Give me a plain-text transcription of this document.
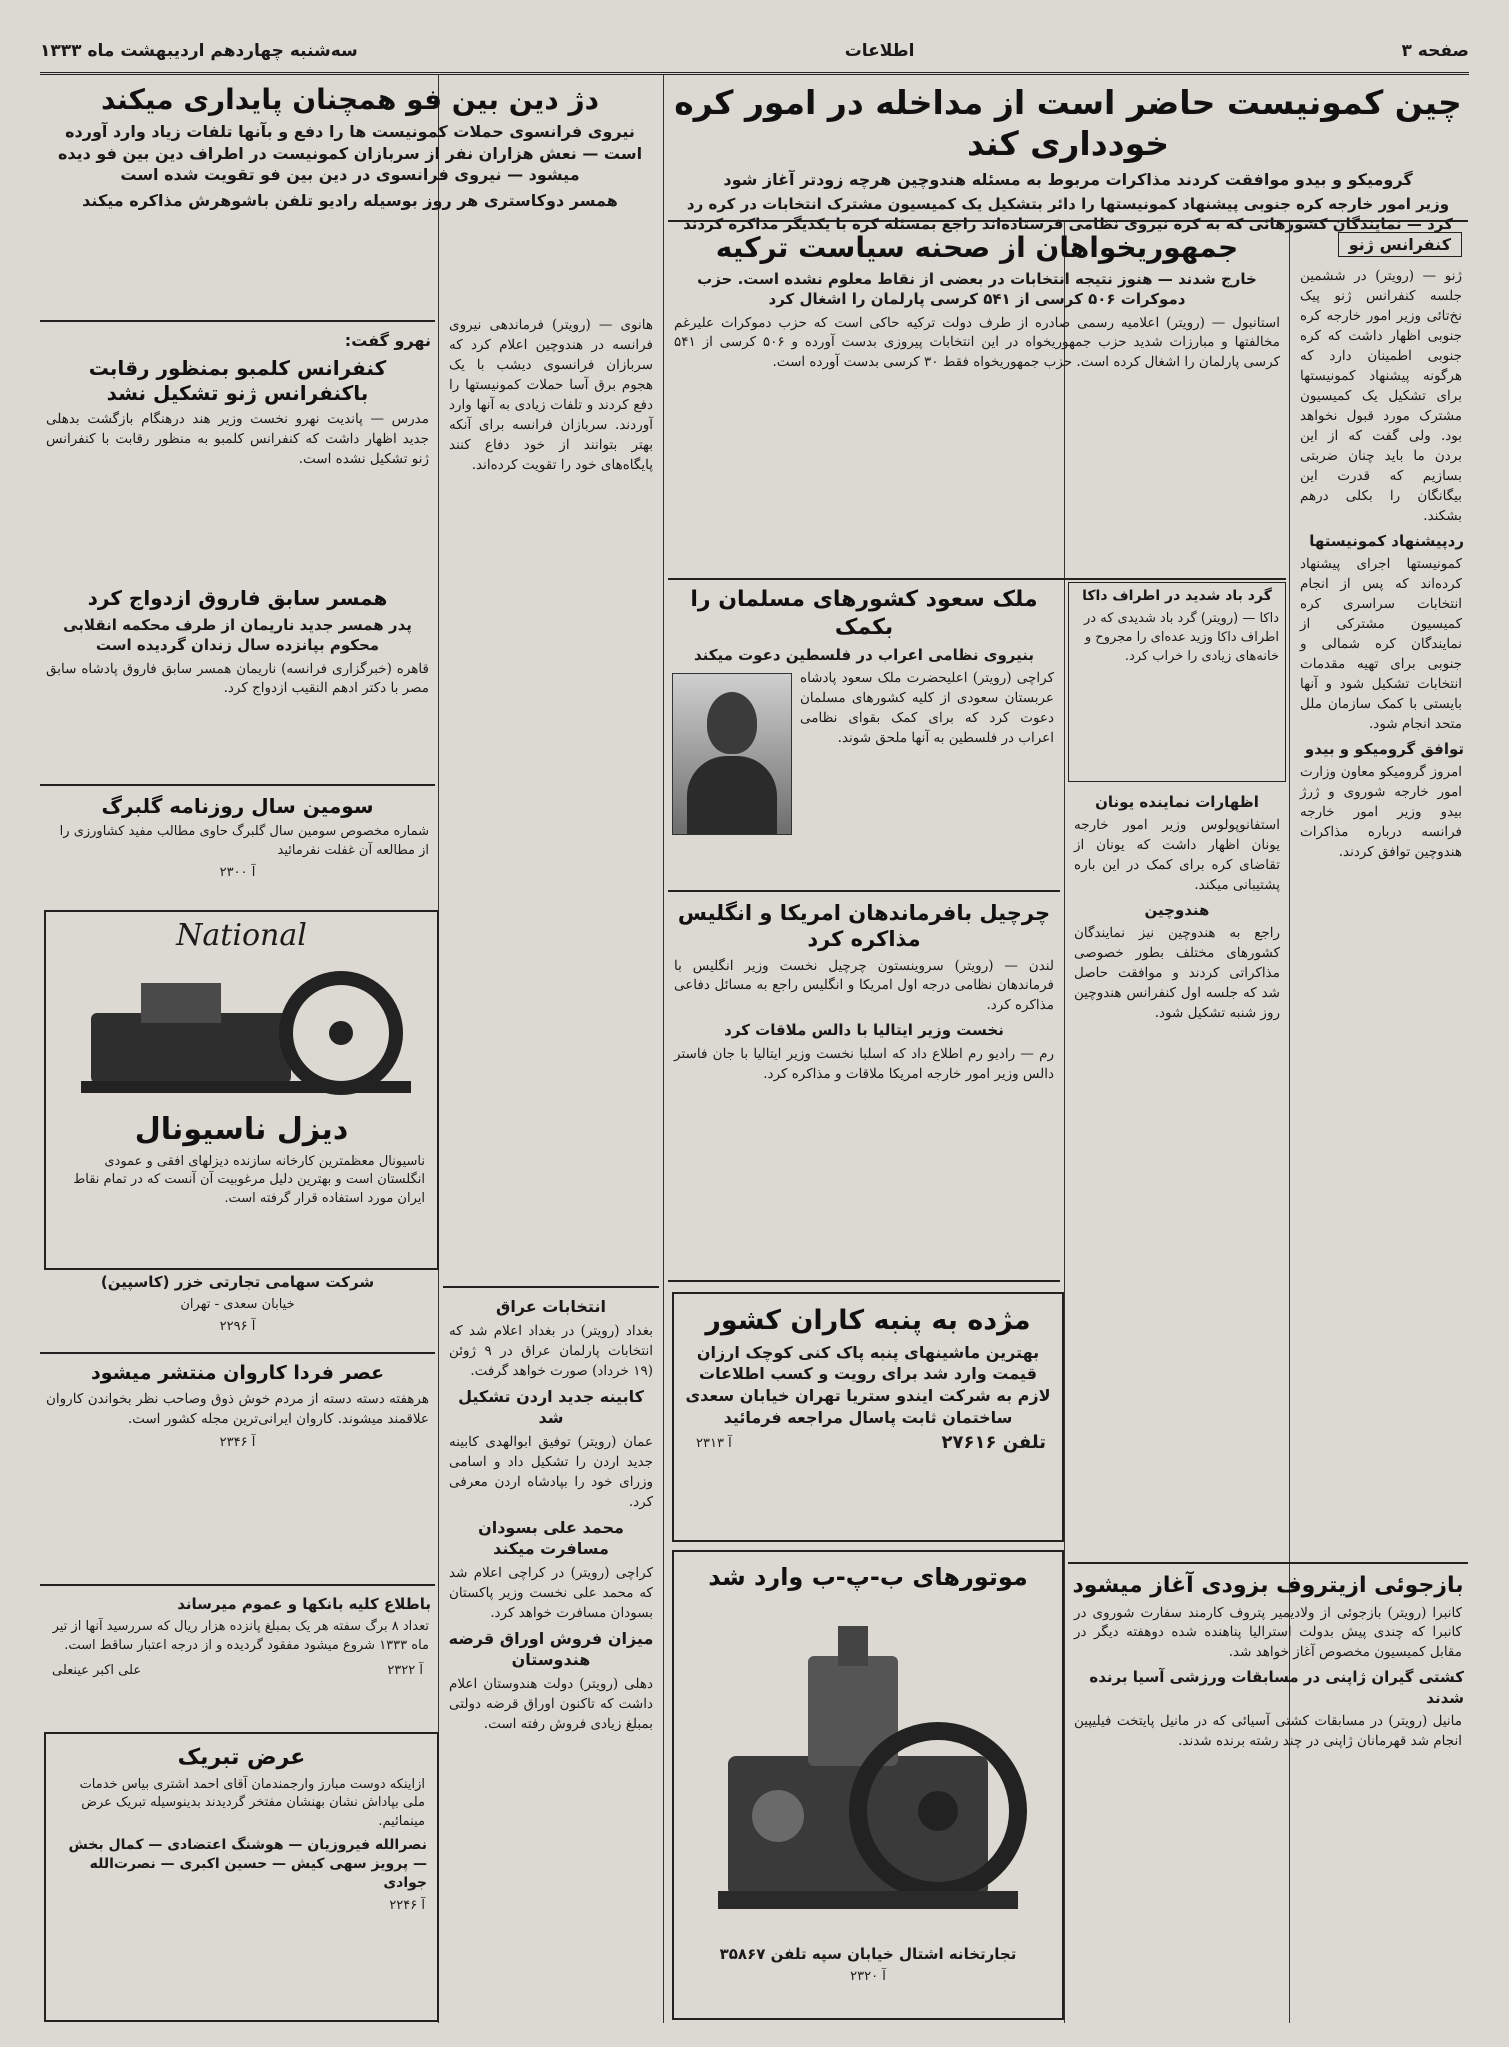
صفحه ۳
اطلاعات
سه‌شنبه چهاردهم اردیبهشت ماه ۱۳۳۳
چین کمونیست حاضر است از مداخله در امور کره خودداری کند
گرومیکو و بیدو موافقت کردند مذاکرات مربوط به مسئله هندوچین هرچه زودتر آغاز شود
وزیر امور خارجه کره جنوبی پیشنهاد کمونیستها را دائر بتشکیل یک کمیسیون مشترک انتخابات در کره رد کرد — نمایندگان کشورهائی که به کره نیروی نظامی فرستاده‌اند راجع بمسئله کره با یکدیگر مذاکره کردند
کنفرانس ژنو
ژنو — (رویتر) در ششمین جلسه کنفرانس ژنو پیک نخ‌تائی وزیر امور خارجه کره جنوبی اظهار داشت که کره جنوبی اطمینان دارد که هرگونه پیشنهاد کمونیستها برای تشکیل یک کمیسیون مشترک مورد قبول نخواهد بود. ولی گفت که از این بردن ما باید چنان ضربتی بسازیم که قدرت این بیگانگان را بکلی درهم بشکند.
ردپیشنهاد کمونیستها
کمونیستها اجرای پیشنهاد کرده‌اند که پس از انجام انتخابات سراسری کره کمیسیون مشترکی از نمایندگان کره شمالی و جنوبی برای تهیه مقدمات انتخابات تشکیل شود و آنها بایستی با کمک سازمان ملل متحد انجام شود.
توافق گرومیکو و بیدو
امروز گرومیکو معاون وزارت امور خارجه شوروی و ژرژ بیدو وزیر امور خارجه فرانسه درباره مذاکرات هندوچین توافق کردند.
جمهوریخواهان از صحنه سیاست ترکیه
خارج شدند — هنوز نتیجه انتخابات در بعضی از نقاط معلوم نشده است. حزب دموکرات ۵۰۶ کرسی از ۵۴۱ کرسی پارلمان را اشغال کرد
استانبول — (رویتر) اعلامیه رسمی صادره از طرف دولت ترکیه حاکی است که حزب دموکرات علیرغم مخالفتها و مبارزات شدید حزب جمهوریخواه در این انتخابات پیروزی بدست آورده و ۵۰۶ کرسی از ۵۴۱ کرسی پارلمان را اشغال کرده است. حزب جمهوریخواه فقط ۳۰ کرسی بدست آورده است.
گرد باد شدید در اطراف داکا
داکا — (رویتر) گرد باد شدیدی که در اطراف داکا وزید عده‌ای را مجروح و خانه‌های زیادی را خراب کرد.
اظهارات نماینده یونان
استفانوپولوس وزیر امور خارجه یونان اظهار داشت که یونان از تقاضای کره برای کمک در این باره پشتیبانی میکند.
هندوچین
راجع به هندوچین نیز نمایندگان کشورهای مختلف بطور خصوصی مذاکراتی کردند و موافقت حاصل شد که جلسه اول کنفرانس هندوچین روز شنبه تشکیل شود.
ملک سعود کشورهای مسلمان را بکمک
بنیروی نظامی اعراب در فلسطین دعوت میکند
کراچی (رویتر) اعلیحضرت ملک سعود پادشاه عربستان سعودی از کلیه کشورهای مسلمان دعوت کرد که برای کمک بقوای نظامی اعراب در فلسطین به آنها ملحق شوند.
چرچیل بافرماندهان امریکا و انگلیس مذاکره کرد
لندن — (رویتر) سروینستون چرچیل نخست وزیر انگلیس با فرماندهان نظامی درجه اول امریکا و انگلیس راجع به مسائل دفاعی مذاکره کرد.
نخست وزیر ایتالیا با دالس ملاقات کرد
رم — رادیو رم اطلاع داد که اسلبا نخست وزیر ایتالیا با جان فاستر دالس وزیر امور خارجه امریکا ملاقات و مذاکره کرد.
مژده به پنبه کاران کشور
بهترین ماشینهای پنبه پاک کنی کوچک ارزان قیمت وارد شد برای رویت و کسب اطلاعات لازم به شرکت ایندو ستریا تهران خیابان سعدی ساختمان ثابت پاسال مراجعه فرمائید
تلفن ۲۷۶۱۶
آ ۲۳۱۳
موتورهای ب-پ-ب وارد شد
تجارتخانه اشتال خیابان سپه تلفن ۳۵۸۶۷
آ ۲۳۲۰
بازجوئی ازیتروف بزودی آغاز میشود
کانبرا (رویتر) بازجوئی از ولادیمیر پتروف کارمند سفارت شوروی در کانبرا که چندی پیش بدولت استرالیا پناهنده شده دوهفته دیگر در مقابل کمیسیون مخصوص آغاز خواهد شد.
کشتی گیران ژاپنی در مسابقات ورزشی آسیا برنده شدند
مانیل (رویتر) در مسابقات کشتی آسیائی که در مانیل پایتخت فیلیپین انجام شد قهرمانان ژاپنی در چند رشته برنده شدند.
دژ دین بین فو همچنان پایداری میکند
نیروی فرانسوی حملات کمونیست ها را دفع و بآنها تلفات زیاد وارد آورده است — نعش هزاران نفر از سربازان کمونیست در اطراف دین بین فو دیده میشود — نیروی فرانسوی در دین بین فو تقویت شده است
همسر دوکاستری هر روز بوسیله رادیو تلفن باشوهرش مذاکره میکند
هانوی — (رویتر) فرماندهی نیروی فرانسه در هندوچین اعلام کرد که سربازان فرانسوی دیشب با یک هجوم برق آسا حملات کمونیستها را دفع کردند و تلفات زیادی به آنها وارد آوردند. سربازان فرانسه برای آنکه بهتر بتوانند از خود دفاع کنند پایگاه‌های خود را تقویت کرده‌اند.
نهرو گفت:
کنفرانس کلمبو بمنظور رقابت باکنفرانس ژنو تشکیل نشد
مدرس — پاندیت نهرو نخست وزیر هند درهنگام بازگشت بدهلی جدید اظهار داشت که کنفرانس کلمبو به منظور رقابت با کنفرانس ژنو تشکیل نشده است.
همسر سابق فاروق ازدواج کرد
پدر همسر جدید ناریمان از طرف محکمه انقلابی محکوم بپانزده سال زندان گردیده است
قاهره (خبرگزاری فرانسه) ناریمان همسر سابق فاروق پادشاه سابق مصر با دکتر ادهم النقیب ازدواج کرد.
سومین سال روزنامه گلبرگ
شماره مخصوص سومین سال گلبرگ حاوی مطالب مفید کشاورزی را از مطالعه آن غفلت نفرمائید
آ ۲۳۰۰
National
دیزل ناسیونال
ناسیونال معظمترین کارخانه سازنده دیزلهای افقی و عمودی انگلستان است و بهترین دلیل مرغوبیت آن آنست که در تمام نقاط ایران مورد استفاده قرار گرفته است.
شرکت سهامی تجارتی خزر (کاسپین)
خیابان سعدی - تهران
آ ۲۲۹۶
عصر فردا کاروان منتشر میشود
هرهفته دسته دسته از مردم خوش ذوق وصاحب نظر بخواندن کاروان علاقمند میشوند. کاروان ایرانی‌ترین مجله کشور است.
آ ۲۳۴۶
باطلاع کلیه بانکها و عموم میرساند
تعداد ۸ برگ سفته هر یک بمبلغ پانزده هزار ریال که سررسید آنها از تیر ماه ۱۳۳۳ شروع میشود مفقود گردیده و از درجه اعتبار ساقط است.
آ ۲۳۲۲
علی اکبر عینعلی
عرض تبریک
ازاینکه دوست مبارز وارجمندمان آقای احمد اشتری بیاس خدمات ملی بپاداش نشان بهنشان مفتخر گردیدند بدینوسیله تبریک عرض مینمائیم.
نصرالله فیروزیان — هوشنگ اعتضادی — کمال بخش — پرویز سهی کیش — حسین اکبری — نصرت‌الله جوادی
آ ۲۲۴۶
انتخابات عراق
بغداد (رویتر) در بغداد اعلام شد که انتخابات پارلمان عراق در ۹ ژوئن (۱۹ خرداد) صورت خواهد گرفت.
کابینه جدید اردن تشکیل شد
عمان (رویتر) توفیق ابوالهدی کابینه جدید اردن را تشکیل داد و اسامی وزرای خود را بپادشاه اردن معرفی کرد.
محمد علی بسودان مسافرت میکند
کراچی (رویتر) در کراچی اعلام شد که محمد علی نخست وزیر پاکستان بسودان مسافرت خواهد کرد.
میزان فروش اوراق قرضه هندوستان
دهلی (رویتر) دولت هندوستان اعلام داشت که تاکنون اوراق قرضه دولتی بمبلغ زیادی فروش رفته است.
